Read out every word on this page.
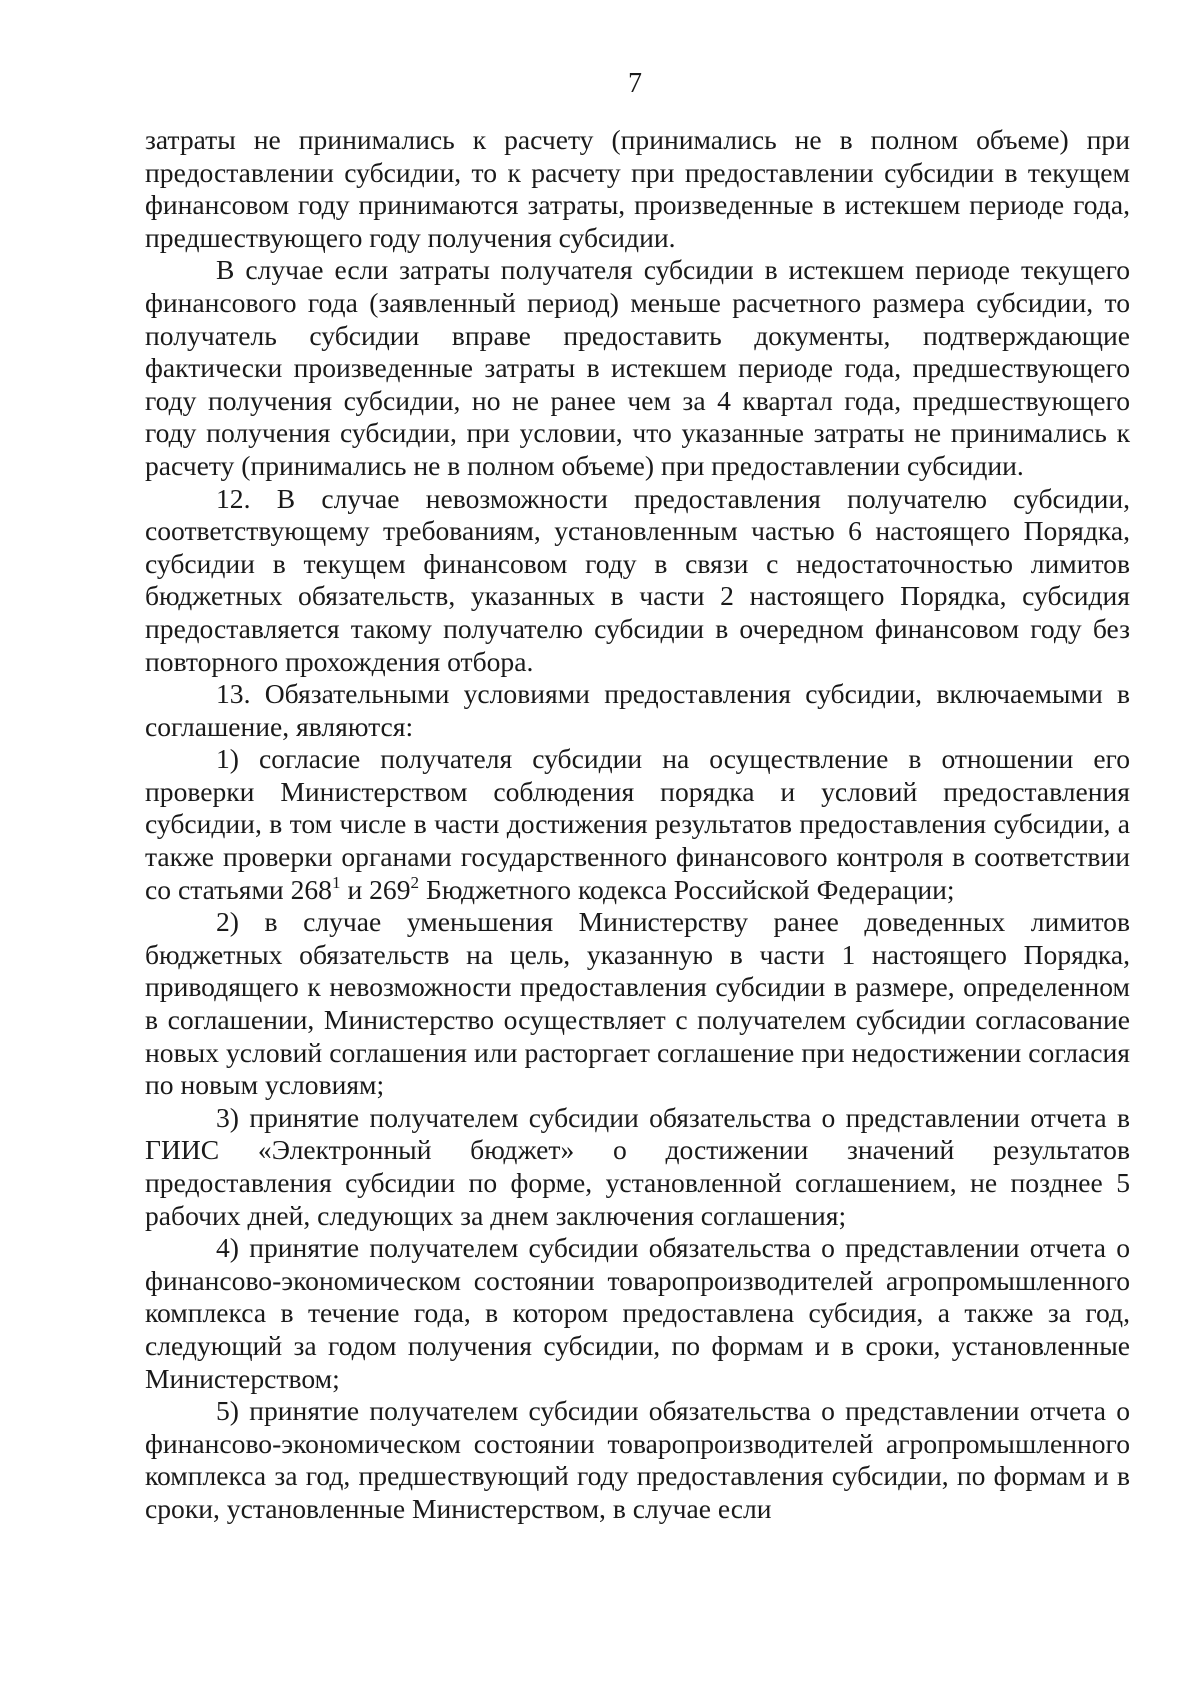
7

затраты не принимались к расчету (принимались не в полном объеме) при предоставлении субсидии, то к расчету при предоставлении субсидии в текущем финансовом году принимаются затраты, произведенные в истекшем периоде года, предшествующего году получения субсидии.

В случае если затраты получателя субсидии в истекшем периоде текущего финансового года (заявленный период) меньше расчетного размера субсидии, то получатель субсидии вправе предоставить документы, подтверждающие фактически произведенные затраты в истекшем периоде года, предшествующего году получения субсидии, но не ранее чем за 4 квартал года, предшествующего году получения субсидии, при условии, что указанные затраты не принимались к расчету (принимались не в полном объеме) при предоставлении субсидии.

12. В случае невозможности предоставления получателю субсидии, соответствующему требованиям, установленным частью 6 настоящего Порядка, субсидии в текущем финансовом году в связи с недостаточностью лимитов бюджетных обязательств, указанных в части 2 настоящего Порядка, субсидия предоставляется такому получателю субсидии в очередном финансовом году без повторного прохождения отбора.

13. Обязательными условиями предоставления субсидии, включаемыми в соглашение, являются:

1) согласие получателя субсидии на осуществление в отношении его проверки Министерством соблюдения порядка и условий предоставления субсидии, в том числе в части достижения результатов предоставления субсидии, а также проверки органами государственного финансового контроля в соответствии со статьями $268^1$ и $269^2$ Бюджетного кодекса Российской Федерации;

2) в случае уменьшения Министерству ранее доведенных лимитов бюджетных обязательств на цель, указанную в части 1 настоящего Порядка, приводящего к невозможности предоставления субсидии в размере, определенном в соглашении, Министерство осуществляет с получателем субсидии согласование новых условий соглашения или расторгает соглашение при недостижении согласия по новым условиям;

3) принятие получателем субсидии обязательства о представлении отчета в ГИИС «Электронный бюджет» о достижении значений результатов предоставления субсидии по форме, установленной соглашением, не позднее 5 рабочих дней, следующих за днем заключения соглашения;

4) принятие получателем субсидии обязательства о представлении отчета о финансово-экономическом состоянии товаропроизводителей агропромышленного комплекса в течение года, в котором предоставлена субсидия, а также за год, следующий за годом получения субсидии, по формам и в сроки, установленные Министерством;

5) принятие получателем субсидии обязательства о представлении отчета о финансово-экономическом состоянии товаропроизводителей агропромышленного комплекса за год, предшествующий году предоставления субсидии, по формам и в сроки, установленные Министерством, в случае если
